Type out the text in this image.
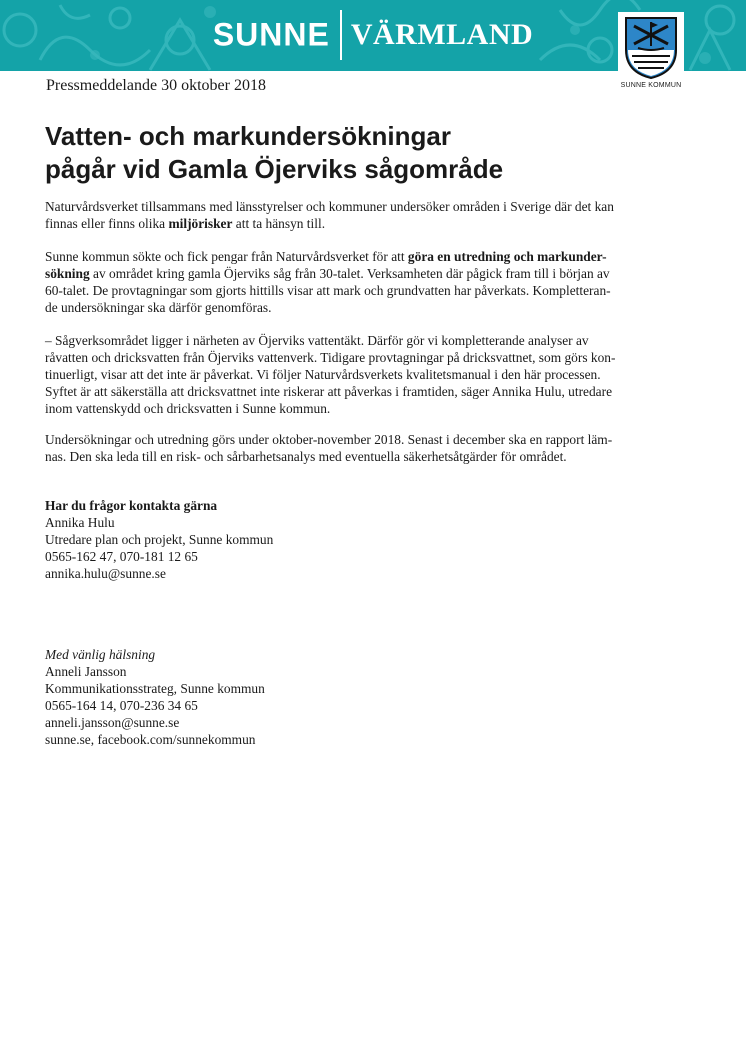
SUNNE VÄRMLAND
SUNNE KOMMUN
Pressmeddelande 30 oktober 2018
Vatten- och markundersökningar
pågår vid Gamla Öjerviks sågområde

Naturvårdsverket tillsammans med länsstyrelser och kommuner undersöker områden i Sverige där det kan
finnas eller finns olika miljörisker att ta hänsyn till.

Sunne kommun sökte och fick pengar från Naturvårdsverket för att göra en utredning och markunder-
sökning av området kring gamla Öjerviks såg från 30-talet. Verksamheten där pågick fram till i början av
60-talet. De provtagningar som gjorts hittills visar att mark och grundvatten har påverkats. Kompletteran-
de undersökningar ska därför genomföras.

– Sågverksområdet ligger i närheten av Öjerviks vattentäkt. Därför gör vi kompletterande analyser av
råvatten och dricksvatten från Öjerviks vattenverk. Tidigare provtagningar på dricksvattnet, som görs kon-
tinuerligt, visar att det inte är påverkat. Vi följer Naturvårdsverkets kvalitetsmanual i den här processen.
Syftet är att säkerställa att dricksvattnet inte riskerar att påverkas i framtiden, säger Annika Hulu, utredare
inom vattenskydd och dricksvatten i Sunne kommun.

Undersökningar och utredning görs under oktober-november 2018. Senast i december ska en rapport läm-
nas. Den ska leda till en risk- och sårbarhetsanalys med eventuella säkerhetsåtgärder för området.

Har du frågor kontakta gärna
Annika Hulu
Utredare plan och projekt, Sunne kommun
0565-162 47, 070-181 12 65
annika.hulu@sunne.se
Med vänlig hälsning
Anneli Jansson
Kommunikationsstrateg, Sunne kommun
0565-164 14, 070-236 34 65
anneli.jansson@sunne.se
sunne.se, facebook.com/sunnekommun
